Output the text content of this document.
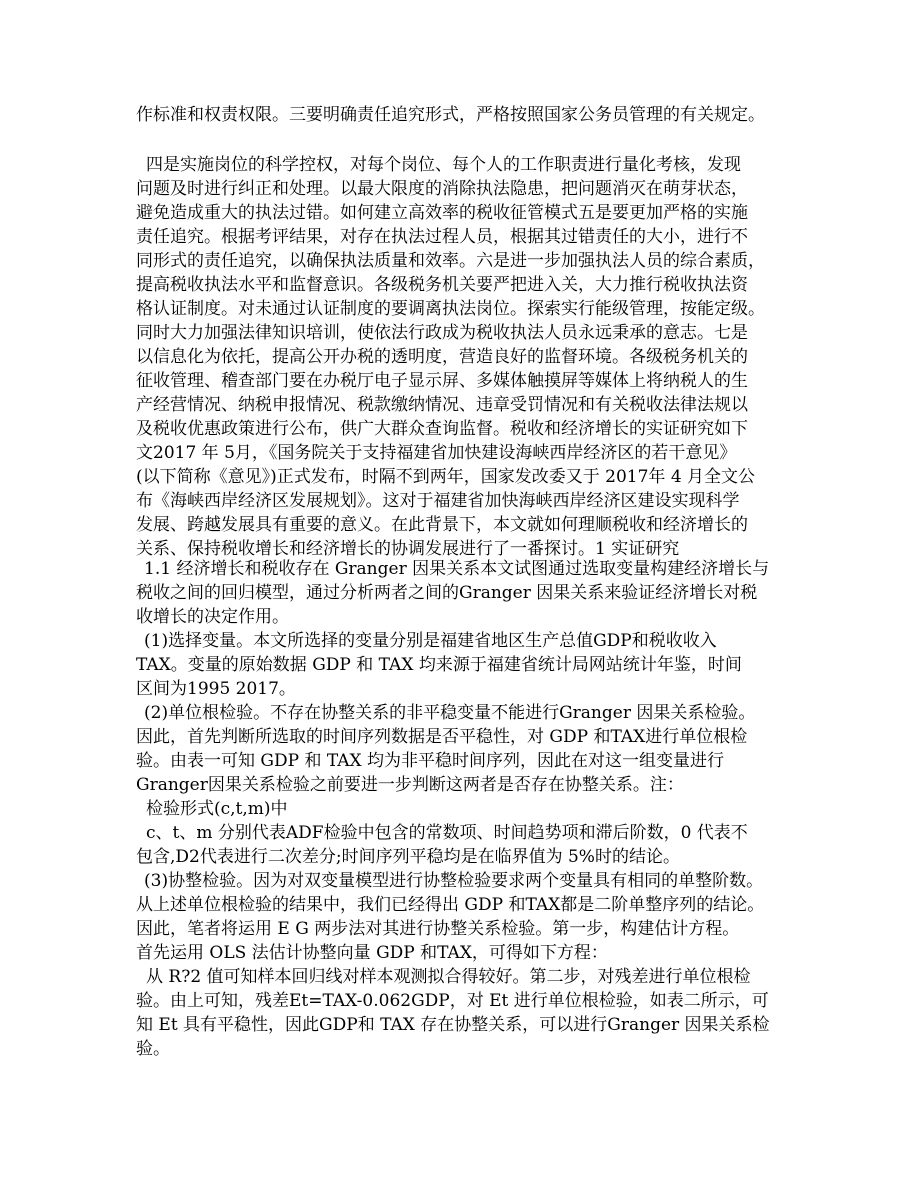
作标准和权责权限。三要明确责任追究形式，严格按照国家公务员管理的有关规定。
四是实施岗位的科学控权，对每个岗位、每个人的工作职责进行量化考核，发现
问题及时进行纠正和处理。以最大限度的消除执法隐患，把问题消灭在萌芽状态，
避免造成重大的执法过错。如何建立高效率的税收征管模式五是要更加严格的实施
责任追究。根据考评结果，对存在执法过程人员，根据其过错责任的大小，进行不
同形式的责任追究，以确保执法质量和效率。六是进一步加强执法人员的综合素质，
提高税收执法水平和监督意识。各级税务机关要严把进入关，大力推行税收执法资
格认证制度。对未通过认证制度的要调离执法岗位。探索实行能级管理，按能定级。
同时大力加强法律知识培训，使依法行政成为税收执法人员永远秉承的意志。七是
以信息化为依托，提高公开办税的透明度，营造良好的监督环境。各级税务机关的
征收管理、稽查部门要在办税厅电子显示屏、多媒体触摸屏等媒体上将纳税人的生
产经营情况、纳税申报情况、税款缴纳情况、违章受罚情况和有关税收法律法规以
及税收优惠政策进行公布，供广大群众查询监督。税收和经济增长的实证研究如下
文2017 年 5月，《国务院关于支持福建省加快建设海峡西岸经济区的若干意见》
(以下简称《意见》)正式发布，时隔不到两年，国家发改委又于 2017年 4 月全文公
布《海峡西岸经济区发展规划》。这对于福建省加快海峡西岸经济区建设实现科学
发展、跨越发展具有重要的意义。在此背景下，本文就如何理顺税收和经济增长的
关系、保持税收增长和经济增长的协调发展进行了一番探讨。1 实证研究
1.1 经济增长和税收存在 Granger 因果关系本文试图通过选取变量构建经济增长与
税收之间的回归模型，通过分析两者之间的Granger 因果关系来验证经济增长对税
收增长的决定作用。
(1)选择变量。本文所选择的变量分别是福建省地区生产总值GDP和税收收入
TAX。变量的原始数据 GDP 和 TAX 均来源于福建省统计局网站统计年鉴，时间
区间为1995 2017。
(2)单位根检验。不存在协整关系的非平稳变量不能进行Granger 因果关系检验。
因此，首先判断所选取的时间序列数据是否平稳性，对 GDP 和TAX进行单位根检
验。由表一可知 GDP 和 TAX 均为非平稳时间序列，因此在对这一组变量进行
Granger因果关系检验之前要进一步判断这两者是否存在协整关系。注：
检验形式(c,t,m)中
c、t、m 分别代表ADF检验中包含的常数项、时间趋势项和滞后阶数，0 代表不
包含,D2代表进行二次差分;时间序列平稳均是在临界值为 5%时的结论。
(3)协整检验。因为对双变量模型进行协整检验要求两个变量具有相同的单整阶数。
从上述单位根检验的结果中，我们已经得出 GDP 和TAX都是二阶单整序列的结论。
因此，笔者将运用 E G 两步法对其进行协整关系检验。第一步，构建估计方程。
首先运用 OLS 法估计协整向量 GDP 和TAX，可得如下方程：
从 R?2 值可知样本回归线对样本观测拟合得较好。第二步，对残差进行单位根检
验。由上可知，残差Et=TAX-0.062GDP，对 Et 进行单位根检验，如表二所示，可
知 Et 具有平稳性，因此GDP和 TAX 存在协整关系，可以进行Granger 因果关系检
验。
